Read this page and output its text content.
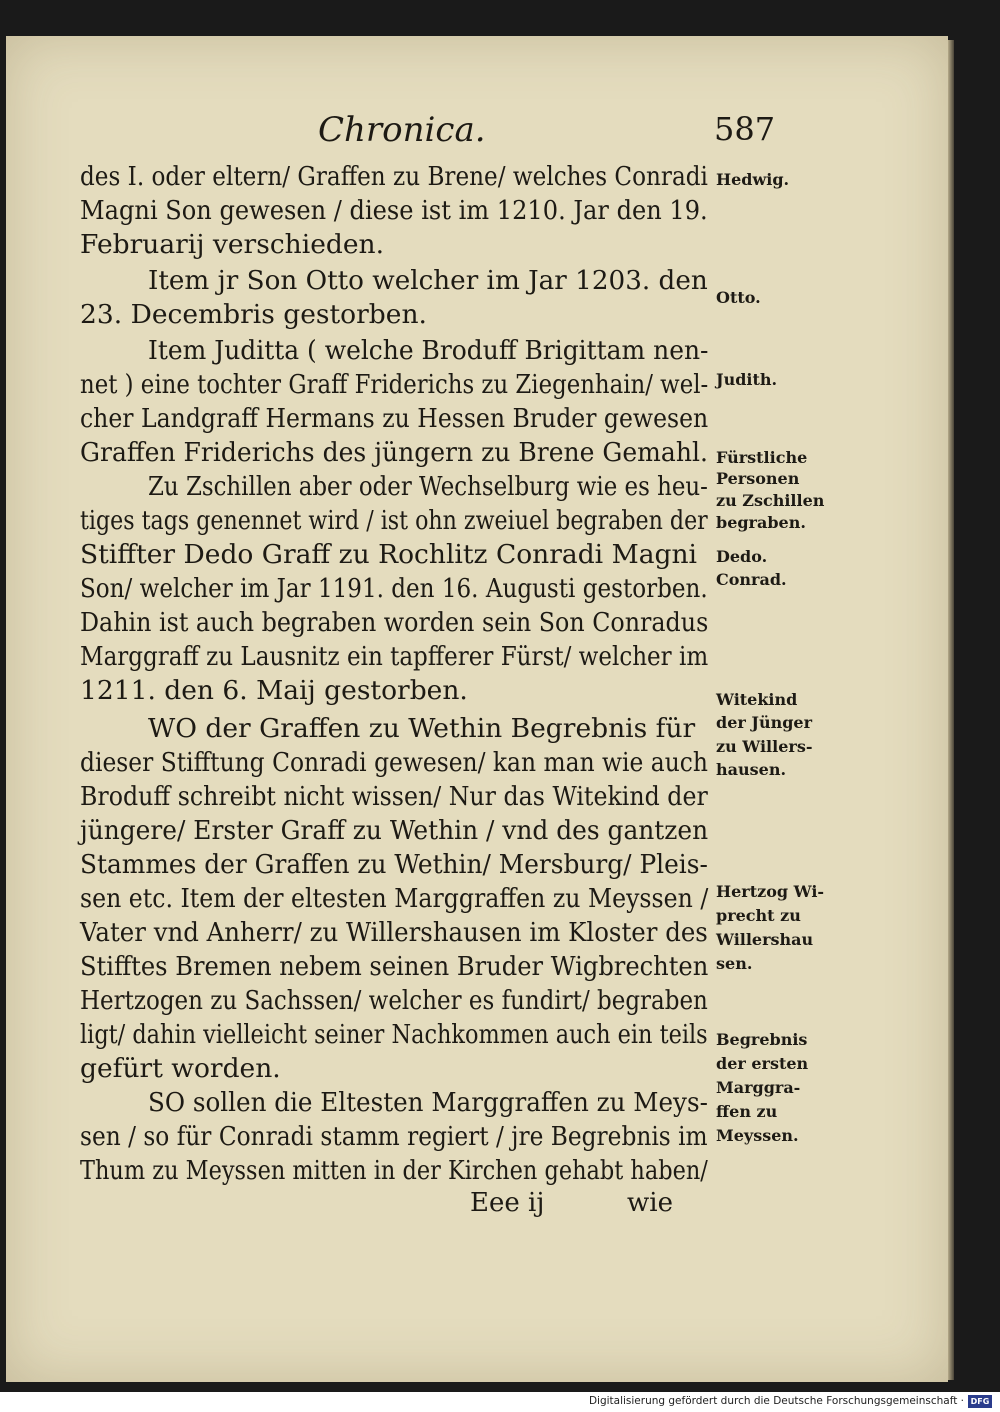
Chronica.	587
des I. oder eltern/ Graffen zu Brene/ welches Conradi
Magni Son gewesen / diese ist im 1210. Jar den 19.
Februarij verschieden.
Item jr Son Otto welcher im Jar 1203. den
23. Decembris gestorben.
Item Juditta ( welche Broduff Brigittam nen-
net ) eine tochter Graff Friderichs zu Ziegenhain/ wel-
cher Landgraff Hermans zu Hessen Bruder gewesen
Graffen Friderichs des jüngern zu Brene Gemahl.
Zu Zschillen aber oder Wechselburg wie es heu-
tiges tags genennet wird / ist ohn zweiuel begraben der
Stiffter Dedo Graff zu Rochlitz Conradi Magni
Son/ welcher im Jar 1191. den 16. Augusti gestorben.
Dahin ist auch begraben worden sein Son Conradus
Marggraff zu Lausnitz ein tapfferer Fürst/ welcher im
1211. den 6. Maij gestorben.
WO der Graffen zu Wethin Begrebnis für
dieser Stifftung Conradi gewesen/ kan man wie auch
Broduff schreibt nicht wissen/ Nur das Witekind der
jüngere/ Erster Graff zu Wethin / vnd des gantzen
Stammes der Graffen zu Wethin/ Mersburg/ Pleis-
sen etc. Item der eltesten Marggraffen zu Meyssen /
Vater vnd Anherr/ zu Willershausen im Kloster des
Stifftes Bremen nebem seinen Bruder Wigbrechten
Hertzogen zu Sachssen/ welcher es fundirt/ begraben
ligt/ dahin vielleicht seiner Nachkommen auch ein teils
gefürt worden.
SO sollen die Eltesten Marggraffen zu Meys-
sen / so für Conradi stamm regiert / jre Begrebnis im
Thum zu Meyssen mitten in der Kirchen gehabt haben/
Eee ij          wie
Hedwig.
Otto.
Judith.
Fürstliche
Personen
zu Zschillen
begraben.
Dedo.
Conrad.
Witekind
der Jünger
zu Willers-
hausen.
Hertzog Wi-
precht zu
Willershau
sen.
Begrebnis
der ersten
Marggra-
ffen zu
Meyssen.
Digitalisierung gefördert durch die Deutsche Forschungsgemeinschaft · DFG
